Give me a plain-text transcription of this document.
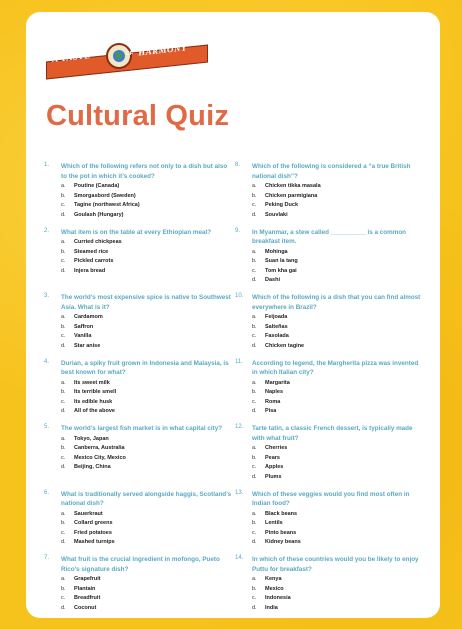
A TASTE	OF HARMONY
Cultural Quiz
1. Which of the following refers not only to a dish but also to the pot in which it’s cooked?

a. Poutine (Canada)
b. Smorgasbord (Sweden)
c. Tagine (northwest Africa)
d. Goulash (Hungary)
2. What item is on the table at every Ethiopian meal?

a. Curried chickpeas
b. Steamed rice
c. Pickled carrots
d. Injera bread
3. The world’s most expensive spice is native to Southwest Asia. What is it?

a. Cardamom
b. Saffron
c. Vanilla
d. Star anise
4. Durian, a spiky fruit grown in Indonesia and Malaysia, is best known for what?

a. Its sweet milk
b. Its terrible smell
c. Its edible husk
d. All of the above
5. The world’s largest fish market is in what capital city?

a. Tokyo, Japan
b. Canberra, Australia
c. Mexico City, Mexico
d. Beijing, China
6. What is traditionally served alongside haggis, Scotland’s national dish?

a. Sauerkraut
b. Collard greens
c. Fried potatoes
d. Mashed turnips
7. What fruit is the crucial ingredient in mofongo, Pueto Rico’s signature dish?

a. Grapefruit
b. Plantain
c. Breadfruit
d. Coconut
8. Which of the following is considered a “a true British national dish”?

a. Chicken tikka masala
b. Chicken parmigiana
c. Peking Duck
d. Souvlaki
9. In Myanmar, a stew called __________ is a common breakfast item.

a. Mohinga
b. Suan la tang
c. Tom kha gai
d. Dashi
10. Which of the following is a dish that you can find almost everywhere in Brazil?

a. Feijoada
b. Salteñas
c. Fasolada
d. Chicken tagine
11. According to legend, the Margherita pizza was invented in which Italian city?

a. Margarita
b. Naples
c. Roma
d. Pisa
12. Tarte tatin, a classic French dessert, is typically made with what fruit?

a. Cherries
b. Pears
c. Apples
d. Plums
13. Which of these veggies would you find most often in Indian food?

a. Black beans
b. Lentils
c. Pinto beans
d. Kidney beans
14. In which of these countries would you be likely to enjoy Puttu for breakfast?

a. Kenya
b. Mexico
c. Indonesia
d. India
